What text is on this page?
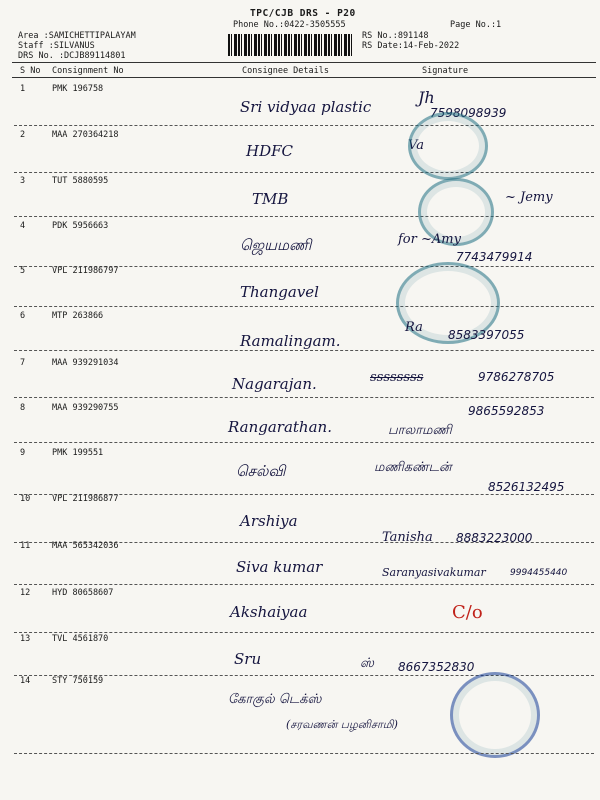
TPC/CJB DRS - P20
Phone No.:0422-3505555	Page No.:1
Area :SAMICHETTIPALAYAM
Staff :SILVANUS
DRS No. :DCJB89114801
RS No.:891148
RS Date:14-Feb-2022
S No Consignment No	Consignee Details	Signature
1	PMK 196758
Sri vidyaa plastic	Jh
7598098939
2	MAA 270364218
HDFC	Va
3	TUT 5880595
TMB	~ Jemy
4	PDK 5956663
ஜெயமணி	for ~Amy
7743479914
5	VPL 211986797
Thangavel
6	MTP 263866
Ramalingam.
Ra 8583397055
7	MAA 939291034
Nagarajan.	ssssssss	9786278705
8	MAA 939290755
Rangarathan.	பாலாமணி
9865592853
9	PMK 199551
செல்வி	மணிகண்டன்
8526132495
10	VPL 211986877
Arshiya
Tanisha 8883223000
11	MAA 565342036
Siva kumar	Saranyasivakumar	9994455440
12	HYD 80658607
Akshaiyaa	C/o
13	TVL 4561870
Sru	ஸ் 8667352830
14	STY 750159
கோகுல் டெக்ஸ்
(சரவணன் பழனிசாமி)
